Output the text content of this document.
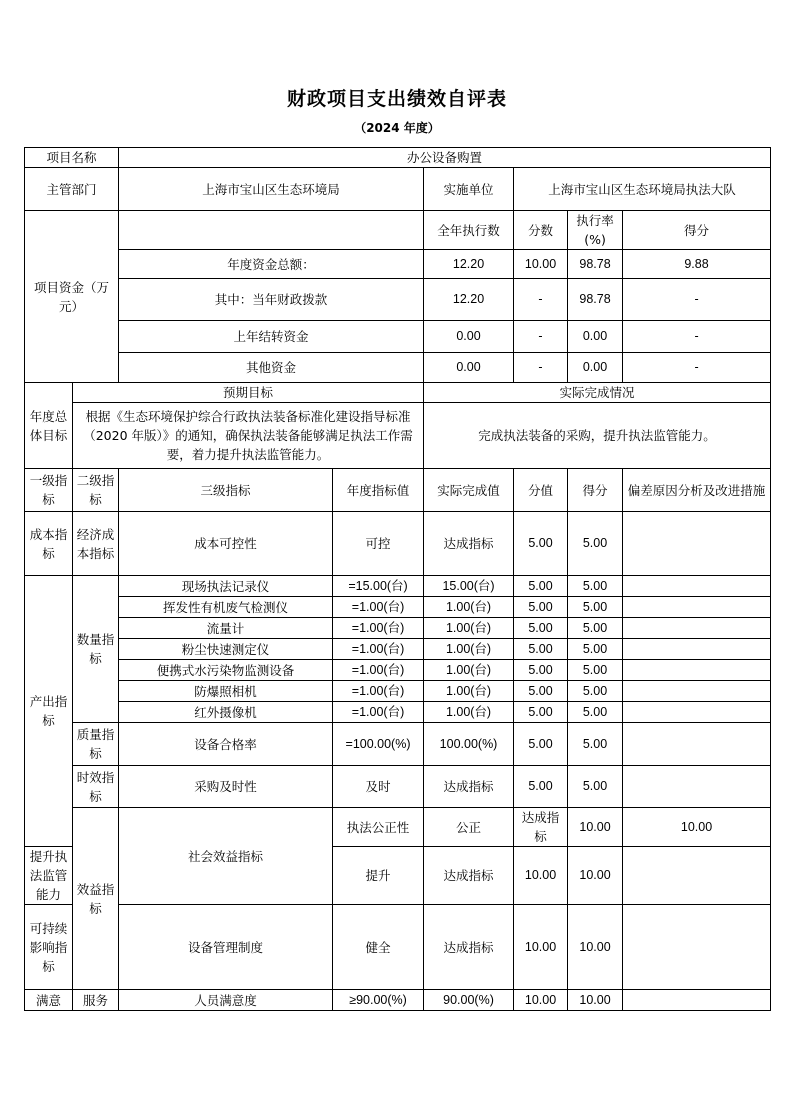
财政项目支出绩效自评表
（2024 年度）
项目名称		办公设备购置						
主管部门		上海市宝山区生态环境局		实施单位	上海市宝山区生态环境局执法大队			
项目资金（万元）				全年执行数	分数	执行率(%)	得分	
		年度资金总额：		12.20	10.00	98.78	9.88	
		其中：当年财政拨款		12.20	-	98.78	-	
		上年结转资金		0.00	-	0.00	-	
		其他资金		0.00	-	0.00	-	
年度总体目标	预期目标			实际完成情况				
	根据《生态环境保护综合行政执法装备标准化建设指导标准（2020 年版）》的通知，确保执法装备能够满足执法工作需要，着力提升执法监管能力。			完成执法装备的采购，提升执法监管能力。				
一级指标	二级指标	三级指标	年度指标值	实际完成值	分值	得分	偏差原因分析及改进措施	
成本指标	经济成本指标	成本可控性	可控	达成指标	5.00	5.00		
产出指标	数量指标	现场执法记录仪	=15.00(台)	15.00(台)	5.00	5.00		
		挥发性有机废气检测仪	=1.00(台)	1.00(台)	5.00	5.00		
		流量计	=1.00(台)	1.00(台)	5.00	5.00		
		粉尘快速测定仪	=1.00(台)	1.00(台)	5.00	5.00		
		便携式水污染物监测设备	=1.00(台)	1.00(台)	5.00	5.00		
		防爆照相机	=1.00(台)	1.00(台)	5.00	5.00		
		红外摄像机	=1.00(台)	1.00(台)	5.00	5.00		
	质量指标	设备合格率	=100.00(%)	100.00(%)	5.00	5.00		
	时效指标	采购及时性	及时	达成指标	5.00	5.00		
	效益指标	社会效益指标	执法公正性	公正	达成指标	10.00	10.00	
提升执法监管能力			提升	达成指标	10.00	10.00		
可持续影响指标		设备管理制度	健全	达成指标	10.00	10.00		
满意	服务	人员满意度	≥90.00(%)	90.00(%)	10.00	10.00		
